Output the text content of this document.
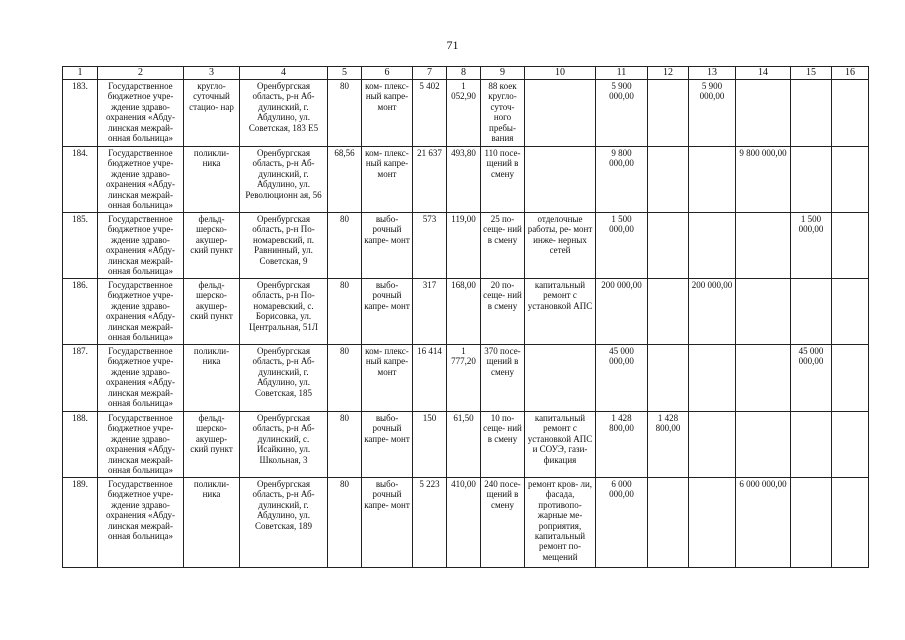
71
1	2	3	4	5	6	7	8	9	10	11	12	13	14	15	16
183.	Государственное бюджетное учре- ждение здраво- охранения «Абду- линская межрай- онная больница»	кругло- суточный стацио- нар	Оренбургская область, р-н Аб- дулинский, г. Абдулино, ул. Советская, 183 Е5	80	ком- плекс- ный капре- монт	5 402	1 052,90	88 коек кругло- суточ- ного пребы- вания		5 900 000,00		5 900 000,00			
184.	Государственное бюджетное учре- ждение здраво- охранения «Абду- линская межрай- онная больница»	поликли- ника	Оренбургская область, р-н Аб- дулинский, г. Абдулино, ул. Революционн ая, 56	68,56	ком- плекс- ный капре- монт	21 637	493,80	110 посе- щений в смену		9 800 000,00			9 800 000,00		
185.	Государственное бюджетное учре- ждение здраво- охранения «Абду- линская межрай- онная больница»	фельд- шерско- акушер- ский пункт	Оренбургская область, р-н По- номаревский, п. Равнинный, ул. Советская, 9	80	выбо- рочный капре- монт	573	119,00	25 по- сеще- ний в смену	отделочные работы, ре- монт инже- нерных сетей	1 500 000,00				1 500 000,00	
186.	Государственное бюджетное учре- ждение здраво- охранения «Абду- линская межрай- онная больница»	фельд- шерско- акушер- ский пункт	Оренбургская область, р-н По- номаревский, с. Борисовка, ул. Центральная, 51Л	80	выбо- рочный капре- монт	317	168,00	20 по- сеще- ний в смену	капитальный ремонт с установкой АПС	200 000,00		200 000,00			
187.	Государственное бюджетное учре- ждение здраво- охранения «Абду- линская межрай- онная больница»	поликли- ника	Оренбургская область, р-н Аб- дулинский, г. Абдулино, ул. Советская, 185	80	ком- плекс- ный капре- монт	16 414	1 777,20	370 посе- щений в смену		45 000 000,00				45 000 000,00	
188.	Государственное бюджетное учре- ждение здраво- охранения «Абду- линская межрай- онная больница»	фельд- шерско- акушер- ский пункт	Оренбургская область, р-н Аб- дулинский, с. Исайкино, ул. Школьная, 3	80	выбо- рочный капре- монт	150	61,50	10 по- сеще- ний в смену	капитальный ремонт с установкой АПС и СОУЭ, гази- фикация	1 428 800,00	1 428 800,00				
189.	Государственное бюджетное учре- ждение здраво- охранения «Абду- линская межрай- онная больница»	поликли- ника	Оренбургская область, р-н Аб- дулинский, г. Абдулино, ул. Советская, 189	80	выбо- рочный капре- монт	5 223	410,00	240 посе- щений в смену	ремонт кров- ли, фасада, противопо- жарные ме- роприятия, капитальный ремонт по- мещений	6 000 000,00			6 000 000,00		
